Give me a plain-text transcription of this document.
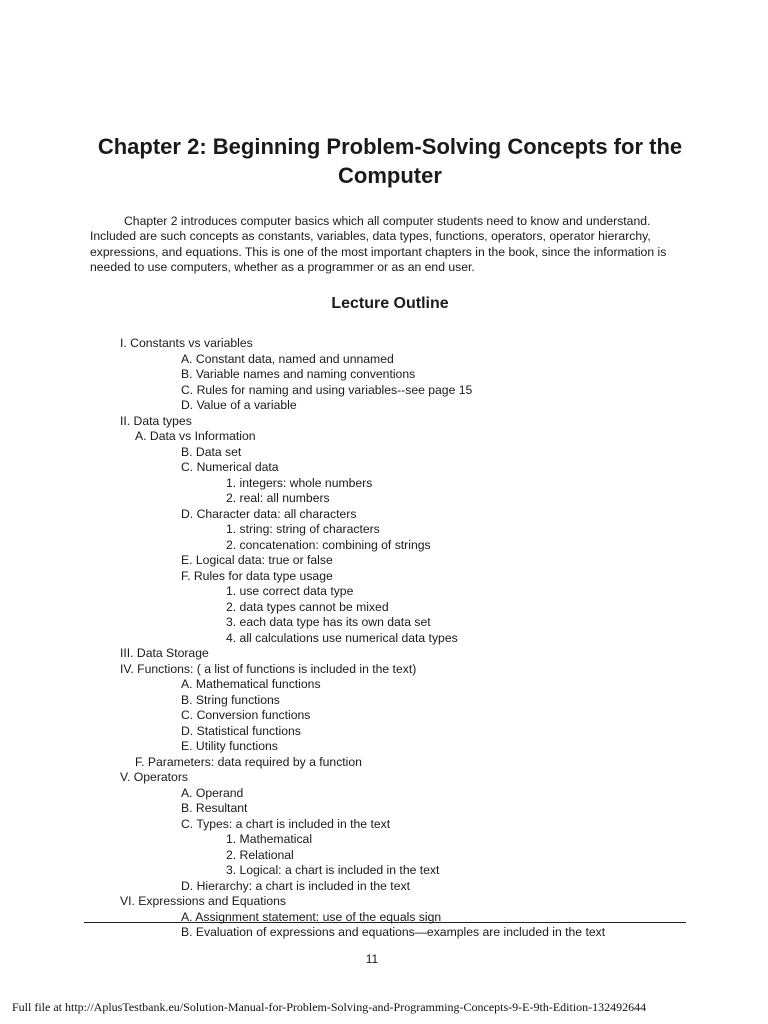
Chapter 2: Beginning Problem-Solving Concepts for the Computer

Chapter 2 introduces computer basics which all computer students need to know and understand. Included are such concepts as constants, variables, data types, functions, operators, operator hierarchy, expressions, and equations. This is one of the most important chapters in the book, since the information is needed to use computers, whether as a programmer or as an end user.

Lecture Outline
I. Constants vs variables
A. Constant data, named and unnamed
B. Variable names and naming conventions
C. Rules for naming and using variables--see page 15
D. Value of a variable
II. Data types
A. Data vs Information
B. Data set
C. Numerical data
1. integers: whole numbers
2. real: all numbers
D. Character data: all characters
1. string: string of characters
2. concatenation: combining of strings
E. Logical data: true or false
F. Rules for data type usage
1. use correct data type
2. data types cannot be mixed
3. each data type has its own data set
4. all calculations use numerical data types
III. Data Storage
IV. Functions: ( a list of functions is included in the text)
A. Mathematical functions
B. String functions
C. Conversion functions
D. Statistical functions
E. Utility functions
F. Parameters: data required by a function
V. Operators
A. Operand
B. Resultant
C. Types: a chart is included in the text
1. Mathematical
2. Relational
3. Logical: a chart is included in the text
D. Hierarchy: a chart is included in the text
VI. Expressions and Equations
A. Assignment statement: use of the equals sign
B. Evaluation of expressions and equations—examples are included in the text
11
Full file at http://AplusTestbank.eu/Solution-Manual-for-Problem-Solving-and-Programming-Concepts-9-E-9th-Edition-132492644
